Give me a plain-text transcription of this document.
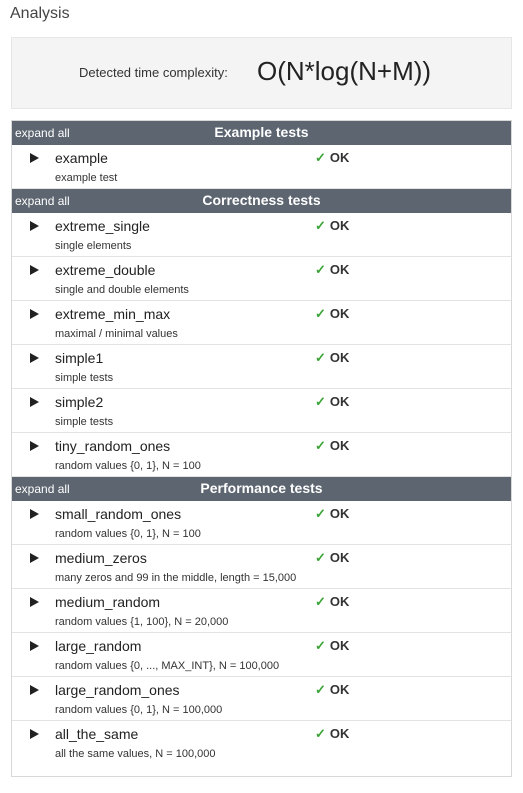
Analysis
Detected time complexity: O(N*log(N+M))
expand all	Example tests
example
example test
✓ OK
expand all	Correctness tests
extreme_single
single elements
✓ OK
extreme_double
single and double elements
✓ OK
extreme_min_max
maximal / minimal values
✓ OK
simple1
simple tests
✓ OK
simple2
simple tests
✓ OK
tiny_random_ones
random values {0, 1}, N = 100
✓ OK
expand all	Performance tests
small_random_ones
random values {0, 1}, N = 100
✓ OK
medium_zeros
many zeros and 99 in the middle, length = 15,000
✓ OK
medium_random
random values {1, 100}, N = 20,000
✓ OK
large_random
random values {0, ..., MAX_INT}, N = 100,000
✓ OK
large_random_ones
random values {0, 1}, N = 100,000
✓ OK
all_the_same
all the same values, N = 100,000
✓ OK
